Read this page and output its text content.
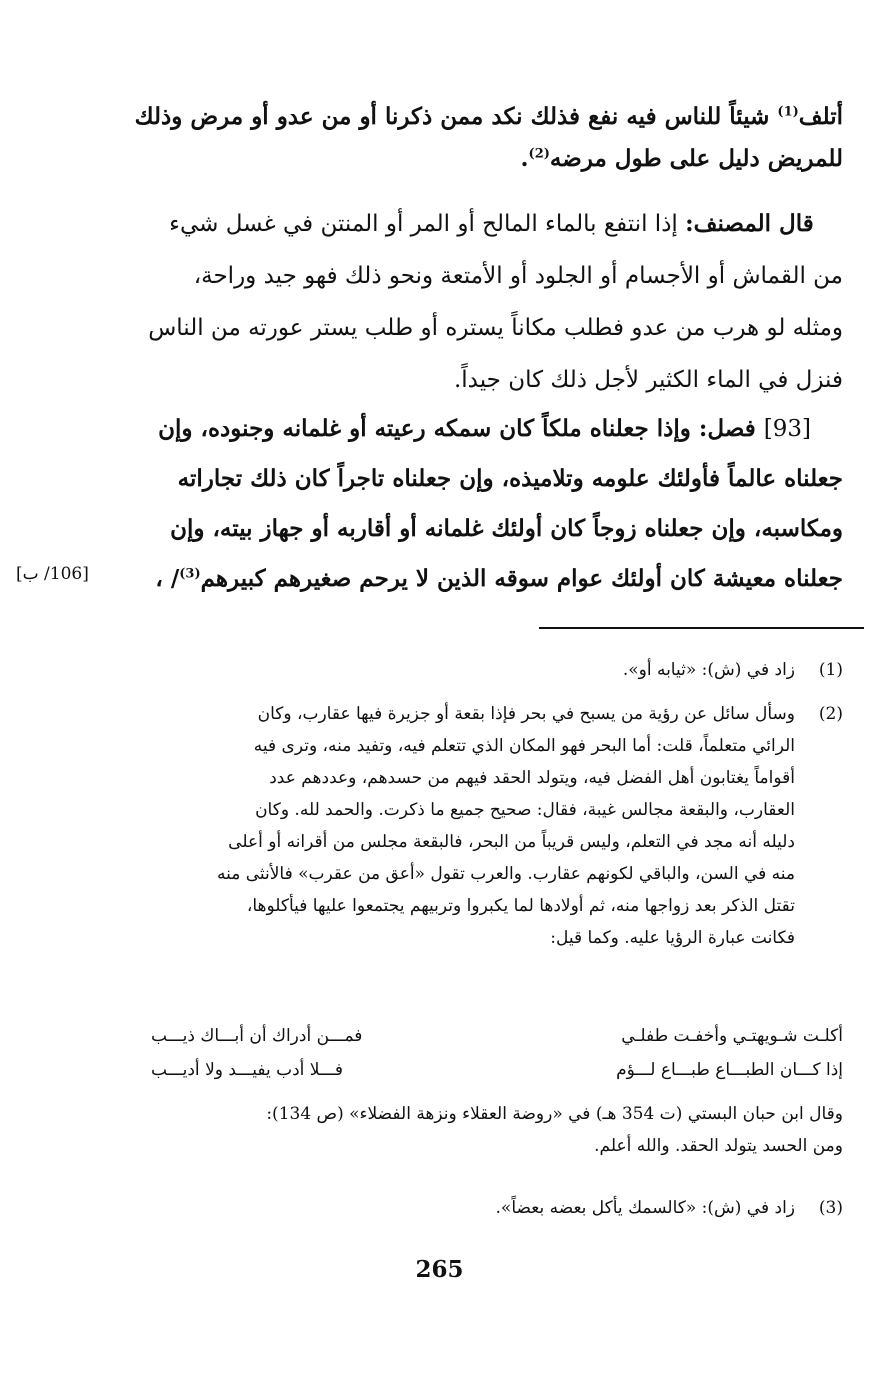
أتلف$^{(1)}$ شيئاً للناس فيه نفع فذلك نكد ممن ذكرنا أو من عدو أو مرض وذلك
للمريض دليل على طول مرضه$^{(2)}$.
قال المصنف: إذا انتفع بالماء المالح أو المر أو المنتن في غسل شيء
من القماش أو الأجسام أو الجلود أو الأمتعة ونحو ذلك فهو جيد وراحة،
ومثله لو هرب من عدو فطلب مكاناً يستره أو طلب يستر عورته من الناس
فنزل في الماء الكثير لأجل ذلك كان جيداً.
[93] فصل: وإذا جعلناه ملكاً كان سمكه رعيته أو غلمانه وجنوده، وإن
جعلناه عالماً فأولئك علومه وتلاميذه، وإن جعلناه تاجراً كان ذلك تجاراته
ومكاسبه، وإن جعلناه زوجاً كان أولئك غلمانه أو أقاربه أو جهاز بيته، وإن
جعلناه معيشة كان أولئك عوام سوقه الذين لا يرحم صغيرهم كبيرهم$^{(3)}$/ ،
[106/ ب]
(1)
زاد في (ش): «ثيابه أو».
(2)
وسأل سائل عن رؤية من يسبح في بحر فإذا بقعة أو جزيرة فيها عقارب، وكان
الرائي متعلماً، قلت: أما البحر فهو المكان الذي تتعلم فيه، وتفيد منه، وترى فيه
أقواماً يغتابون أهل الفضل فيه، ويتولد الحقد فيهم من حسدهم، وعددهم عدد
العقارب، والبقعة مجالس غيبة، فقال: صحيح جميع ما ذكرت. والحمد لله. وكان
دليله أنه مجد في التعلم، وليس قريباً من البحر، فالبقعة مجلس من أقرانه أو أعلى
منه في السن، والباقي لكونهم عقارب. والعرب تقول «أعق من عقرب» فالأنثى منه
تقتل الذكر بعد زواجها منه، ثم أولادها لما يكبروا وتربيهم يجتمعوا عليها فيأكلوها،
فكانت عبارة الرؤيا عليه. وكما قيل:
أكلـت شـويهتـي وأخفـت طفلـي
فمـــن أدراك أن أبـــاك ذيـــب
إذا كـــان الطبـــاع طبـــاع لـــؤم
فـــلا أدب يفيـــد ولا أديـــب
وقال ابن حبان البستي (ت 354 هـ) في «روضة العقلاء ونزهة الفضلاء» (ص 134):
ومن الحسد يتولد الحقد. والله أعلم.
(3)
زاد في (ش): «كالسمك يأكل بعضه بعضاً».
265
